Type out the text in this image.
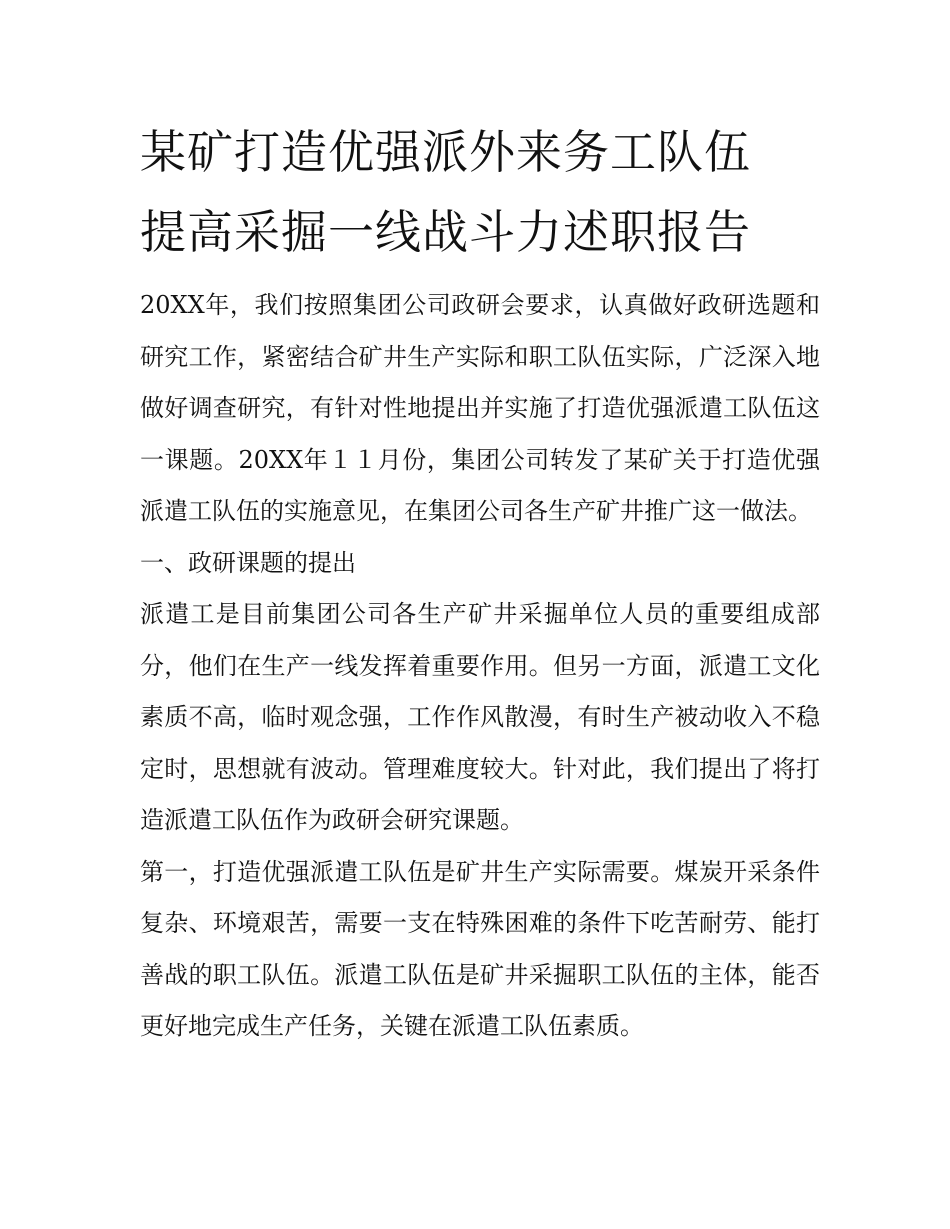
某矿打造优强派外来务工队伍
提高采掘一线战斗力述职报告

20XX年，我们按照集团公司政研会要求，认真做好政研选题和研究工作，紧密结合矿井生产实际和职工队伍实际，广泛深入地做好调查研究，有针对性地提出并实施了打造优强派遣工队伍这一课题。20XX年１１月份，集团公司转发了某矿关于打造优强派遣工队伍的实施意见，在集团公司各生产矿井推广这一做法。

一、政研课题的提出

派遣工是目前集团公司各生产矿井采掘单位人员的重要组成部分，他们在生产一线发挥着重要作用。但另一方面，派遣工文化素质不高，临时观念强，工作作风散漫，有时生产被动收入不稳定时，思想就有波动。管理难度较大。针对此，我们提出了将打造派遣工队伍作为政研会研究课题。

第一，打造优强派遣工队伍是矿井生产实际需要。煤炭开采条件复杂、环境艰苦，需要一支在特殊困难的条件下吃苦耐劳、能打善战的职工队伍。派遣工队伍是矿井采掘职工队伍的主体，能否更好地完成生产任务，关键在派遣工队伍素质。
